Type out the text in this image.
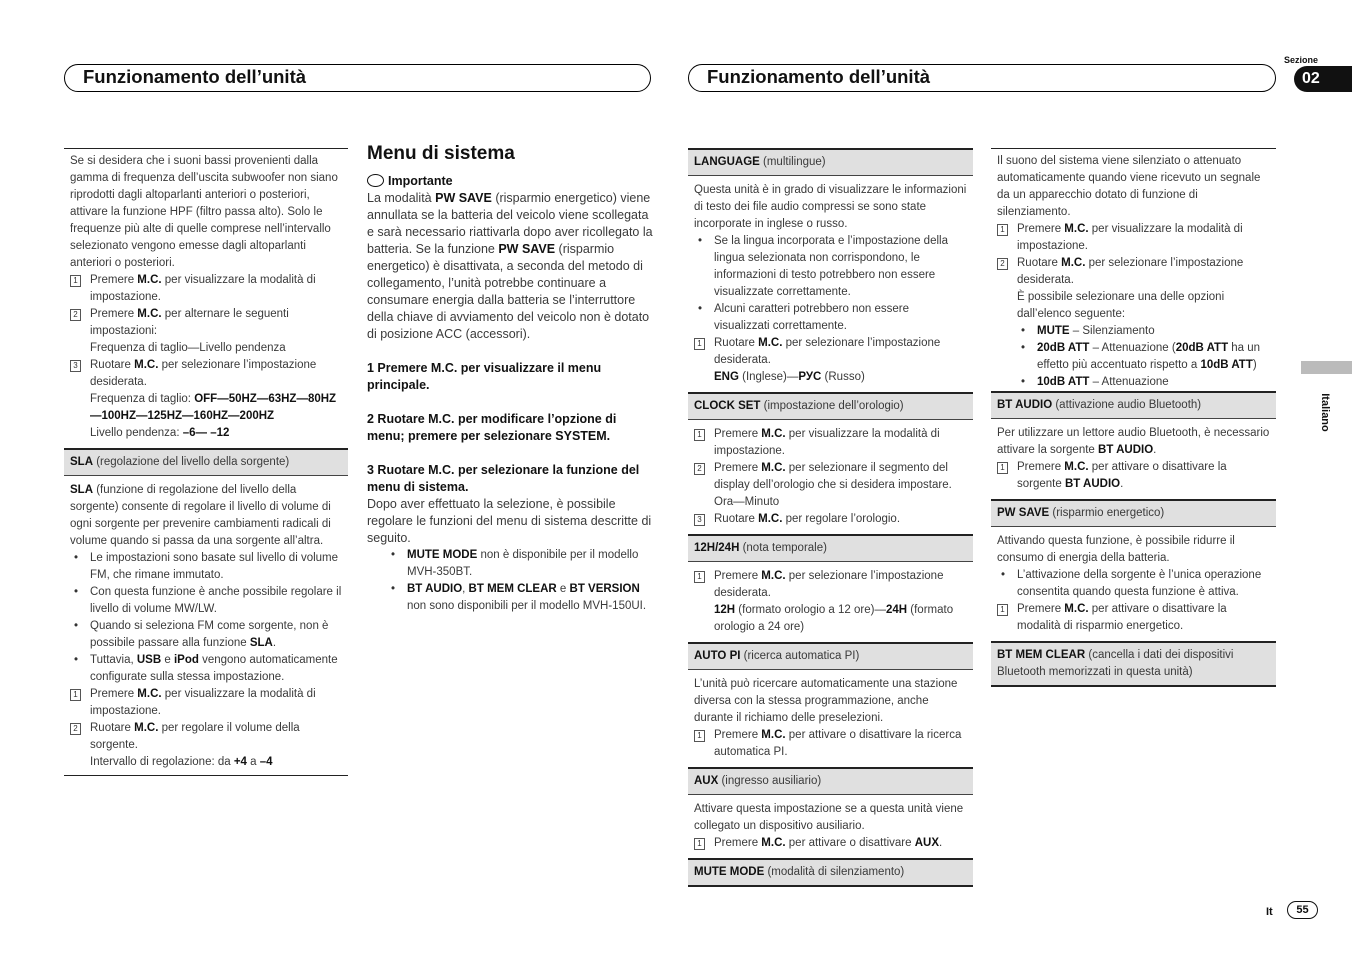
Funzionamento dell’unità	Funzionamento dell’unità
Sezione
02
Italiano

Se si desidera che i suoni bassi provenienti dalla gamma di frequenza dell’uscita subwoofer non siano riprodotti dagli altoparlanti anteriori o posteriori, attivare la funzione HPF (filtro passa alto). Solo le frequenze più alte di quelle comprese nell’intervallo selezionato vengono emesse dagli altoparlanti anteriori o posteriori.

1 Premere M.C. per visualizzare la modalità di impostazione.
2 Premere M.C. per alternare le seguenti impostazioni:
Frequenza di taglio—Livello pendenza
3 Ruotare M.C. per selezionare l’impostazione desiderata.
Frequenza di taglio: OFF—50HZ—63HZ—80HZ—100HZ—125HZ—160HZ—200HZ
Livello pendenza: –6— –12
SLA (regolazione del livello della sorgente)

SLA (funzione di regolazione del livello della sorgente) consente di regolare il livello di volume di ogni sorgente per prevenire cambiamenti radicali di volume quando si passa da una sorgente all’altra.

• Le impostazioni sono basate sul livello di volume FM, che rimane immutato.
• Con questa funzione è anche possibile regolare il livello di volume MW/LW.
• Quando si seleziona FM come sorgente, non è possibile passare alla funzione SLA.
• Tuttavia, USB e iPod vengono automaticamente configurate sulla stessa impostazione.
1 Premere M.C. per visualizzare la modalità di impostazione.
2 Ruotare M.C. per regolare il volume della sorgente.
Intervallo di regolazione: da +4 a –4
Menu di sistema
Importante

La modalità PW SAVE (risparmio energetico) viene annullata se la batteria del veicolo viene scollegata e sarà necessario riattivarla dopo aver ricollegato la batteria. Se la funzione PW SAVE (risparmio energetico) è disattivata, a seconda del metodo di collegamento, l’unità potrebbe continuare a consumare energia dalla batteria se l’interruttore della chiave di avviamento del veicolo non è dotato di posizione ACC (accessori).

1 Premere M.C. per visualizzare il menu principale.

2 Ruotare M.C. per modificare l’opzione di menu; premere per selezionare SYSTEM.

3 Ruotare M.C. per selezionare la funzione del menu di sistema.

Dopo aver effettuato la selezione, è possibile regolare le funzioni del menu di sistema descritte di seguito.

• MUTE MODE non è disponibile per il modello MVH-350BT.
• BT AUDIO, BT MEM CLEAR e BT VERSION non sono disponibili per il modello MVH-150UI.
LANGUAGE (multilingue)

Questa unità è in grado di visualizzare le informazioni di testo dei file audio compressi se sono state incorporate in inglese o russo.

• Se la lingua incorporata e l’impostazione della lingua selezionata non corrispondono, le informazioni di testo potrebbero non essere visualizzate correttamente.
• Alcuni caratteri potrebbero non essere visualizzati correttamente.
1 Ruotare M.C. per selezionare l’impostazione desiderata.
ENG (Inglese)—РУС (Russo)
CLOCK SET (impostazione dell’orologio)
1 Premere M.C. per visualizzare la modalità di impostazione.
2 Premere M.C. per selezionare il segmento del display dell’orologio che si desidera impostare.
Ora—Minuto
3 Ruotare M.C. per regolare l’orologio.
12H/24H (nota temporale)
1 Premere M.C. per selezionare l’impostazione desiderata.
12H (formato orologio a 12 ore)—24H (formato orologio a 24 ore)
AUTO PI (ricerca automatica PI)

L’unità può ricercare automaticamente una stazione diversa con la stessa programmazione, anche durante il richiamo delle preselezioni.

1 Premere M.C. per attivare o disattivare la ricerca automatica PI.
AUX (ingresso ausiliario)

Attivare questa impostazione se a questa unità viene collegato un dispositivo ausiliario.

1 Premere M.C. per attivare o disattivare AUX.
MUTE MODE (modalità di silenziamento)

Il suono del sistema viene silenziato o attenuato automaticamente quando viene ricevuto un segnale da un apparecchio dotato di funzione di silenziamento.

1 Premere M.C. per visualizzare la modalità di impostazione.
2 Ruotare M.C. per selezionare l’impostazione desiderata.
È possibile selezionare una delle opzioni dall’elenco seguente:
• MUTE – Silenziamento
• 20dB ATT – Attenuazione (20dB ATT ha un effetto più accentuato rispetto a 10dB ATT)
• 10dB ATT – Attenuazione
BT AUDIO (attivazione audio Bluetooth)

Per utilizzare un lettore audio Bluetooth, è necessario attivare la sorgente BT AUDIO.

1 Premere M.C. per attivare o disattivare la sorgente BT AUDIO.
PW SAVE (risparmio energetico)

Attivando questa funzione, è possibile ridurre il consumo di energia della batteria.

• L’attivazione della sorgente è l’unica operazione consentita quando questa funzione è attiva.
1 Premere M.C. per attivare o disattivare la modalità di risparmio energetico.
BT MEM CLEAR (cancella i dati dei dispositivi Bluetooth memorizzati in questa unità)
It	55
